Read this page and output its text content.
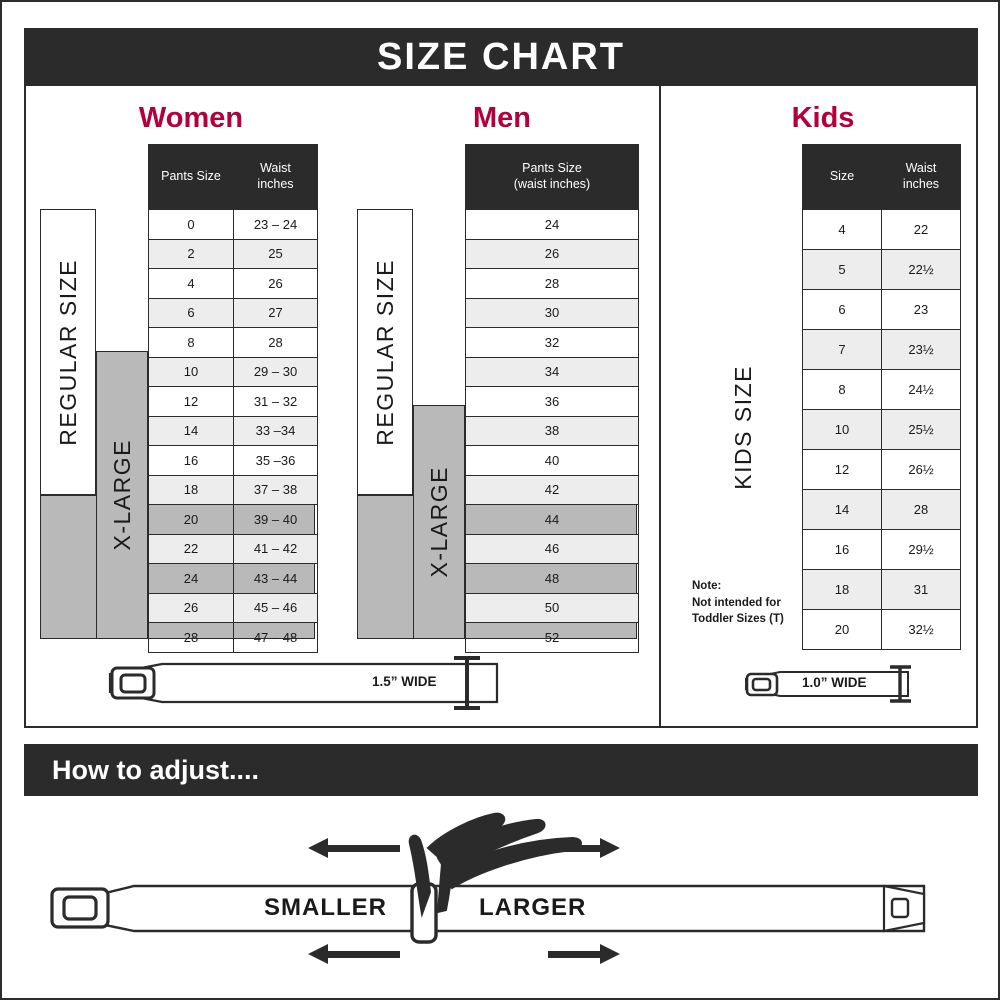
SIZE CHART
Women
REGULAR SIZE
X-LARGE
Pants Size	Waist
inches

0	23 – 24
2	25
4	26
6	27
8	28
10	29 – 30
12	31 – 32
14	33 –34
16	35 –36
18	37 – 38
20	39 – 40
22	41 – 42
24	43 – 44
26	45 – 46
28	47 – 48
Men
REGULAR SIZE
X-LARGE
Pants Size
(waist inches)

24
26
28
30
32
34
36
38
40
42
44
46
48
50
52
Kids
KIDS SIZE
Note:
Not intended for
Toddler Sizes (T)
Size	Waist
inches

4	22
5	22½
6	23
7	23½
8	24½
10	25½
12	26½
14	28
16	29½
18	31
20	32½
1.5” WIDE	1.0” WIDE
How to adjust....
SMALLER	LARGER
